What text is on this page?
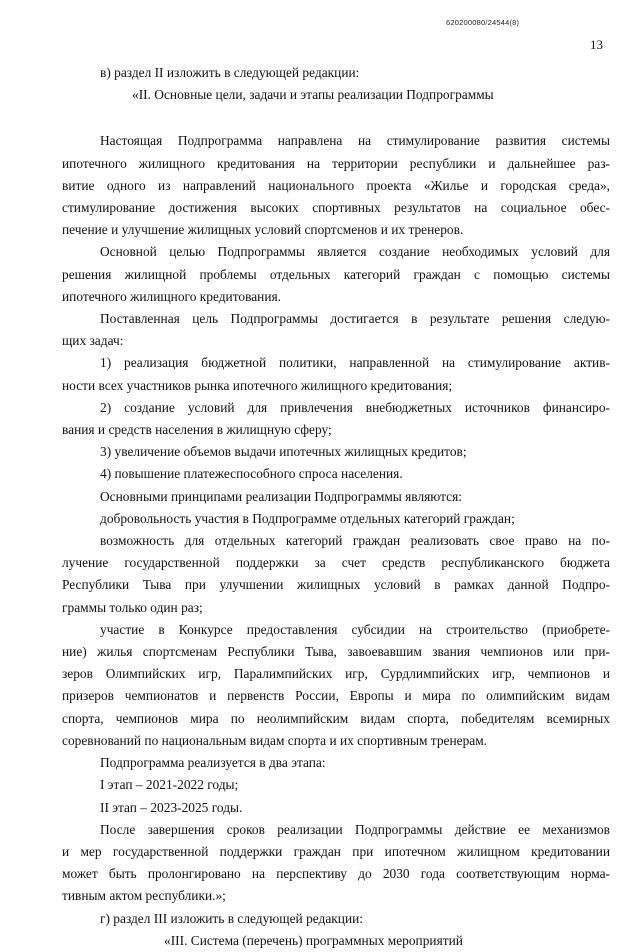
620200080/24544(8)
13

в) раздел II изложить в следующей редакции:

«II. Основные цели, задачи и этапы реализации Подпрограммы

Настоящая Подпрограмма направлена на стимулирование развития системы

ипотечного жилищного кредитования на территории республики и дальнейшее раз-

витие одного из направлений национального проекта «Жилье и городская среда»,

стимулирование достижения высоких спортивных результатов на социальное обес-

печение и улучшение жилищных условий спортсменов и их тренеров.

Основной целью Подпрограммы является создание необходимых условий для

решения жилищной проблемы отдельных категорий граждан с помощью системы

ипотечного жилищного кредитования.

Поставленная цель Подпрограммы достигается в результате решения следую-

щих задач:

1) реализация бюджетной политики, направленной на стимулирование актив-

ности всех участников рынка ипотечного жилищного кредитования;

2) создание условий для привлечения внебюджетных источников финансиро-

вания и средств населения в жилищную сферу;

3) увеличение объемов выдачи ипотечных жилищных кредитов;

4) повышение платежеспособного спроса населения.

Основными принципами реализации Подпрограммы являются:

добровольность участия в Подпрограмме отдельных категорий граждан;

возможность для отдельных категорий граждан реализовать свое право на по-

лучение государственной поддержки за счет средств республиканского бюджета

Республики Тыва при улучшении жилищных условий в рамках данной Подпро-

граммы только один раз;

участие в Конкурсе предоставления субсидии на строительство (приобрете-

ние) жилья спортсменам Республики Тыва, завоевавшим звания чемпионов или при-

зеров Олимпийских игр, Паралимпийских игр, Сурдлимпийских игр, чемпионов и

призеров чемпионатов и первенств России, Европы и мира по олимпийским видам

спорта, чемпионов мира по неолимпийским видам спорта, победителям всемирных

соревнований по национальным видам спорта и их спортивным тренерам.

Подпрограмма реализуется в два этапа:

I этап – 2021-2022 годы;

II этап – 2023-2025 годы.

После завершения сроков реализации Подпрограммы действие ее механизмов

и мер государственной поддержки граждан при ипотечном жилищном кредитовании

может быть пролонгировано на перспективу до 2030 года соответствующим норма-

тивным актом республики.»;

г) раздел III изложить в следующей редакции:

«III. Система (перечень) программных мероприятий
